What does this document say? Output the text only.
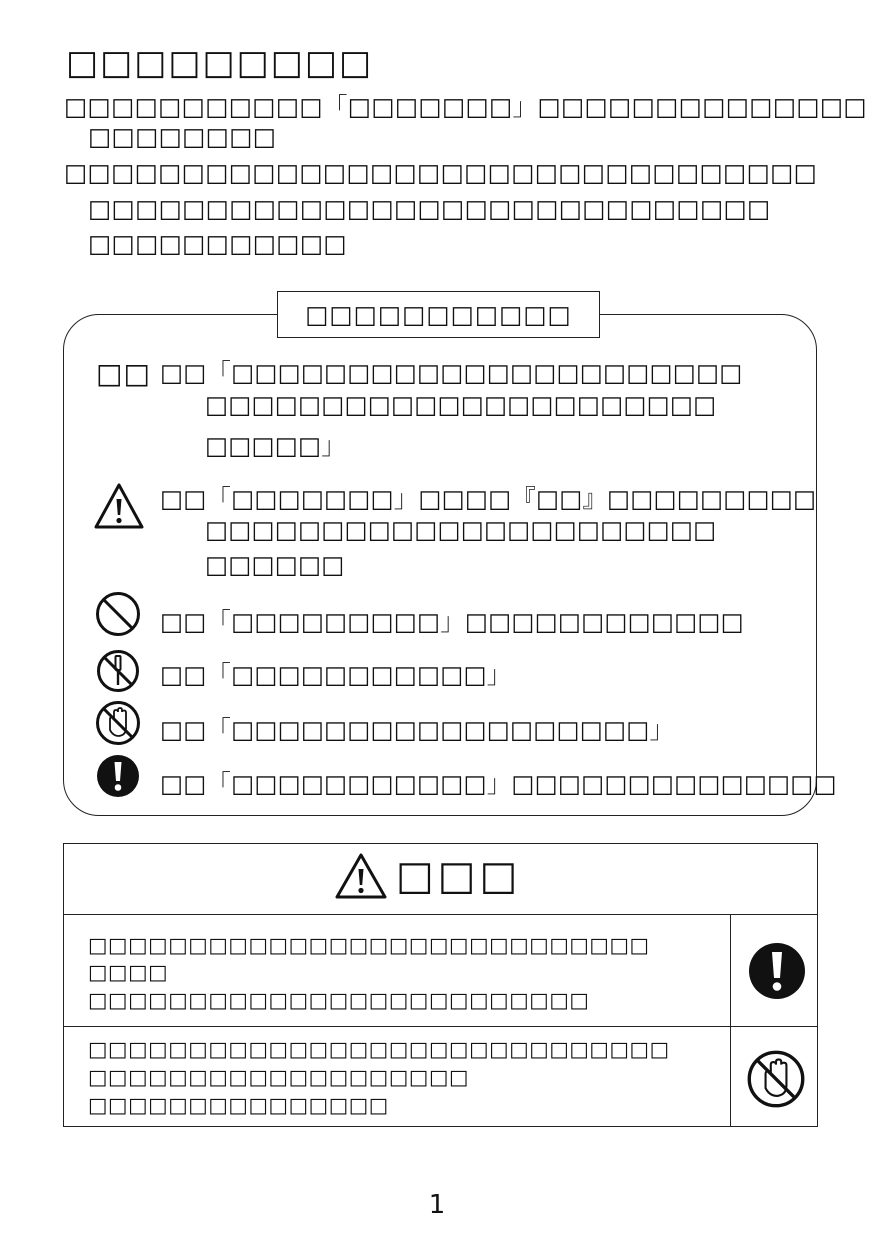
□□□□□□□□□
□□□□□□□□□□□「□□□□□□□」□□□□□□□□□□□□□□
□□□□□□□□
□□□□□□□□□□□□□□□□□□□□□□□□□□□□□□□□
□□□□□□□□□□□□□□□□□□□□□□□□□□□□□
□□□□□□□□□□□
□□□□□□□□□□□
□□ □□「□□□□□□□□□□□□□□□□□□□□□□
□□□□□□□□□□□□□□□□□□□□□□
□□□□□」
□□「□□□□□□□」□□□□『□□』□□□□□□□□□
□□□□□□□□□□□□□□□□□□□□□□
□□□□□□
□□「□□□□□□□□□」□□□□□□□□□□□□
□□「□□□□□□□□□□□」
□□「□□□□□□□□□□□□□□□□□□」
□□「□□□□□□□□□□□」□□□□□□□□□□□□□□
□□□
□□□□□□□□□□□□□□□□□□□□□□□□□□□□
□□□□
□□□□□□□□□□□□□□□□□□□□□□□□□
□□□□□□□□□□□□□□□□□□□□□□□□□□□□□
□□□□□□□□□□□□□□□□□□□
□□□□□□□□□□□□□□□
1
